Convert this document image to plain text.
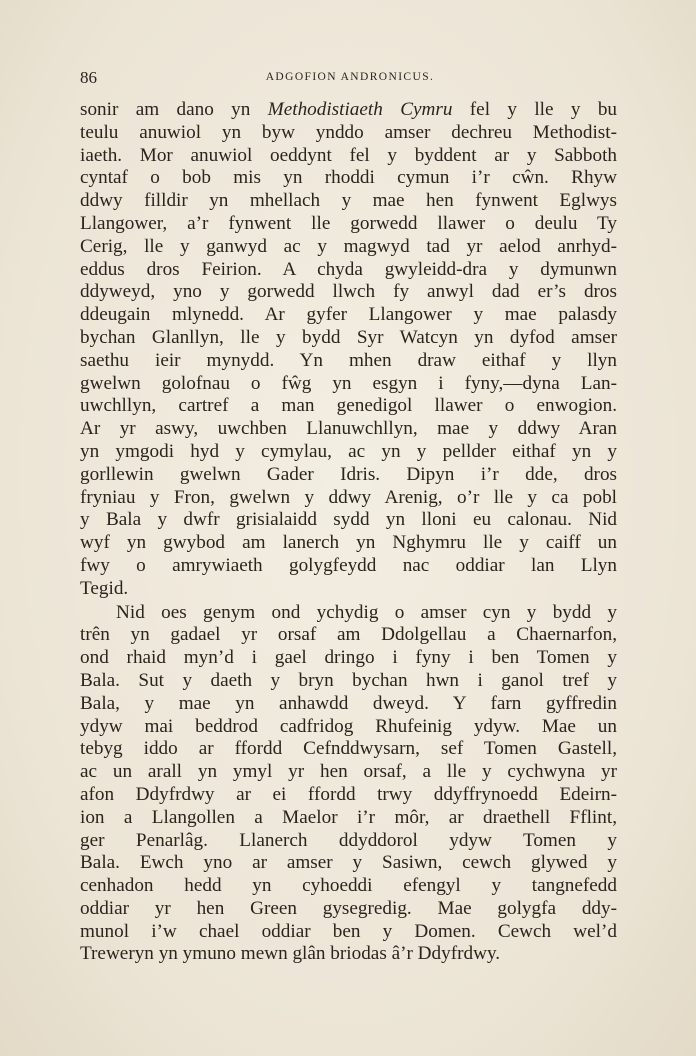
86	ADGOFION ANDRONICUS.
sonir am dano yn Methodistiaeth Cymru fel y lle y bu
teulu anuwiol yn byw ynddo amser dechreu Methodist-
iaeth. Mor anuwiol oeddynt fel y byddent ar y Sabboth
cyntaf o bob mis yn rhoddi cymun i’r cŵn. Rhyw
ddwy filldir yn mhellach y mae hen fynwent Eglwys
Llangower, a’r fynwent lle gorwedd llawer o deulu Ty
Cerig, lle y ganwyd ac y magwyd tad yr aelod anrhyd-
eddus dros Feirion. A chyda gwyleidd-dra y dymunwn
ddyweyd, yno y gorwedd llwch fy anwyl dad er’s dros
ddeugain mlynedd. Ar gyfer Llangower y mae palasdy
bychan Glanllyn, lle y bydd Syr Watcyn yn dyfod amser
saethu ieir mynydd. Yn mhen draw eithaf y llyn
gwelwn golofnau o fŵg yn esgyn i fyny,—dyna Lan-
uwchllyn, cartref a man genedigol llawer o enwogion.
Ar yr aswy, uwchben Llanuwchllyn, mae y ddwy Aran
yn ymgodi hyd y cymylau, ac yn y pellder eithaf yn y
gorllewin gwelwn Gader Idris. Dipyn i’r dde, dros
fryniau y Fron, gwelwn y ddwy Arenig, o’r lle y ca pobl
y Bala y dwfr grisialaidd sydd yn lloni eu calonau. Nid
wyf yn gwybod am lanerch yn Nghymru lle y caiff un
fwy o amrywiaeth golygfeydd nac oddiar lan Llyn
Tegid.
Nid oes genym ond ychydig o amser cyn y bydd y
trên yn gadael yr orsaf am Ddolgellau a Chaernarfon,
ond rhaid myn’d i gael dringo i fyny i ben Tomen y
Bala. Sut y daeth y bryn bychan hwn i ganol tref y
Bala, y mae yn anhawdd dweyd. Y farn gyffredin
ydyw mai beddrod cadfridog Rhufeinig ydyw. Mae un
tebyg iddo ar ffordd Cefnddwysarn, sef Tomen Gastell,
ac un arall yn ymyl yr hen orsaf, a lle y cychwyna yr
afon Ddyfrdwy ar ei ffordd trwy ddyffrynoedd Edeirn-
ion a Llangollen a Maelor i’r môr, ar draethell Fflint,
ger Penarlâg. Llanerch ddyddorol ydyw Tomen y
Bala. Ewch yno ar amser y Sasiwn, cewch glywed y
cenhadon hedd yn cyhoeddi efengyl y tangnefedd
oddiar yr hen Green gysegredig. Mae golygfa ddy-
munol i’w chael oddiar ben y Domen. Cewch wel’d
Treweryn yn ymuno mewn glân briodas â’r Ddyfrdwy.
